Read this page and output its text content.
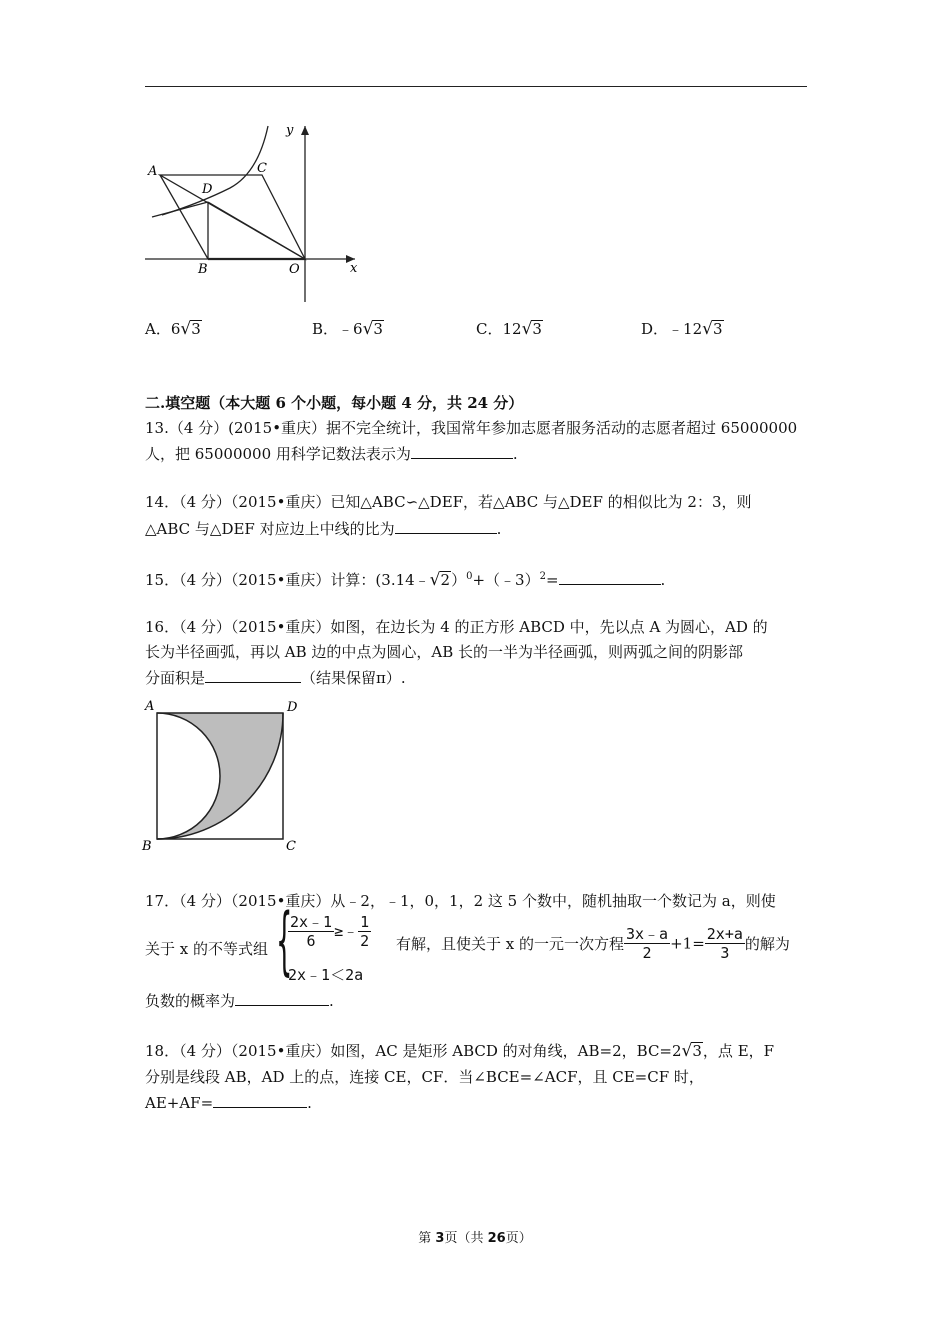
A	C
D
B	O	x
y
A．6√3	B．﹣6√3	C．12√3	D．﹣12√3
二.填空题（本大题 6 个小题，每小题 4 分，共 24 分）
13.（4 分）(2015•重庆）据不完全统计，我国常年参加志愿者服务活动的志愿者超过 65000000
人，把 65000000 用科学记数法表示为	.
14．（4 分）（2015•重庆）已知△ABC∽△DEF，若△ABC 与△DEF 的相似比为 2：3，则
△ABC 与△DEF 对应边上中线的比为	.
15．（4 分）（2015•重庆）计算：(3.14﹣√2）$^0$+（﹣3）$^2$=	.
16．（4 分）（2015•重庆）如图，在边长为 4 的正方形 ABCD 中，先以点 A 为圆心，AD 的
长为半径画弧，再以 AB 边的中点为圆心，AB 长的一半为半径画弧，则两弧之间的阴影部
分面积是	（结果保留π）.
A	D
B	C
17．（4 分）（2015•重庆）从﹣2，﹣1，0，1，2 这 5 个数中，随机抽取一个数记为 a，则使
关于 x 的不等式组 {
$\frac{2x﹣1}{6}$ ≥﹣ $\frac{1}{2}$
2x﹣1＜2a
有解，且使关于 x 的一元一次方程 $\frac{3x﹣a}{2} +1= \frac{2x+a}{3}$ 的解为
负数的概率为	.
18．（4 分）（2015•重庆）如图，AC 是矩形 ABCD 的对角线，AB=2，BC=2√3，点 E，F
分别是线段 AB，AD 上的点，连接 CE，CF．当∠BCE=∠ACF，且 CE=CF 时，
AE+AF=	.
第 3页（共 26页）
